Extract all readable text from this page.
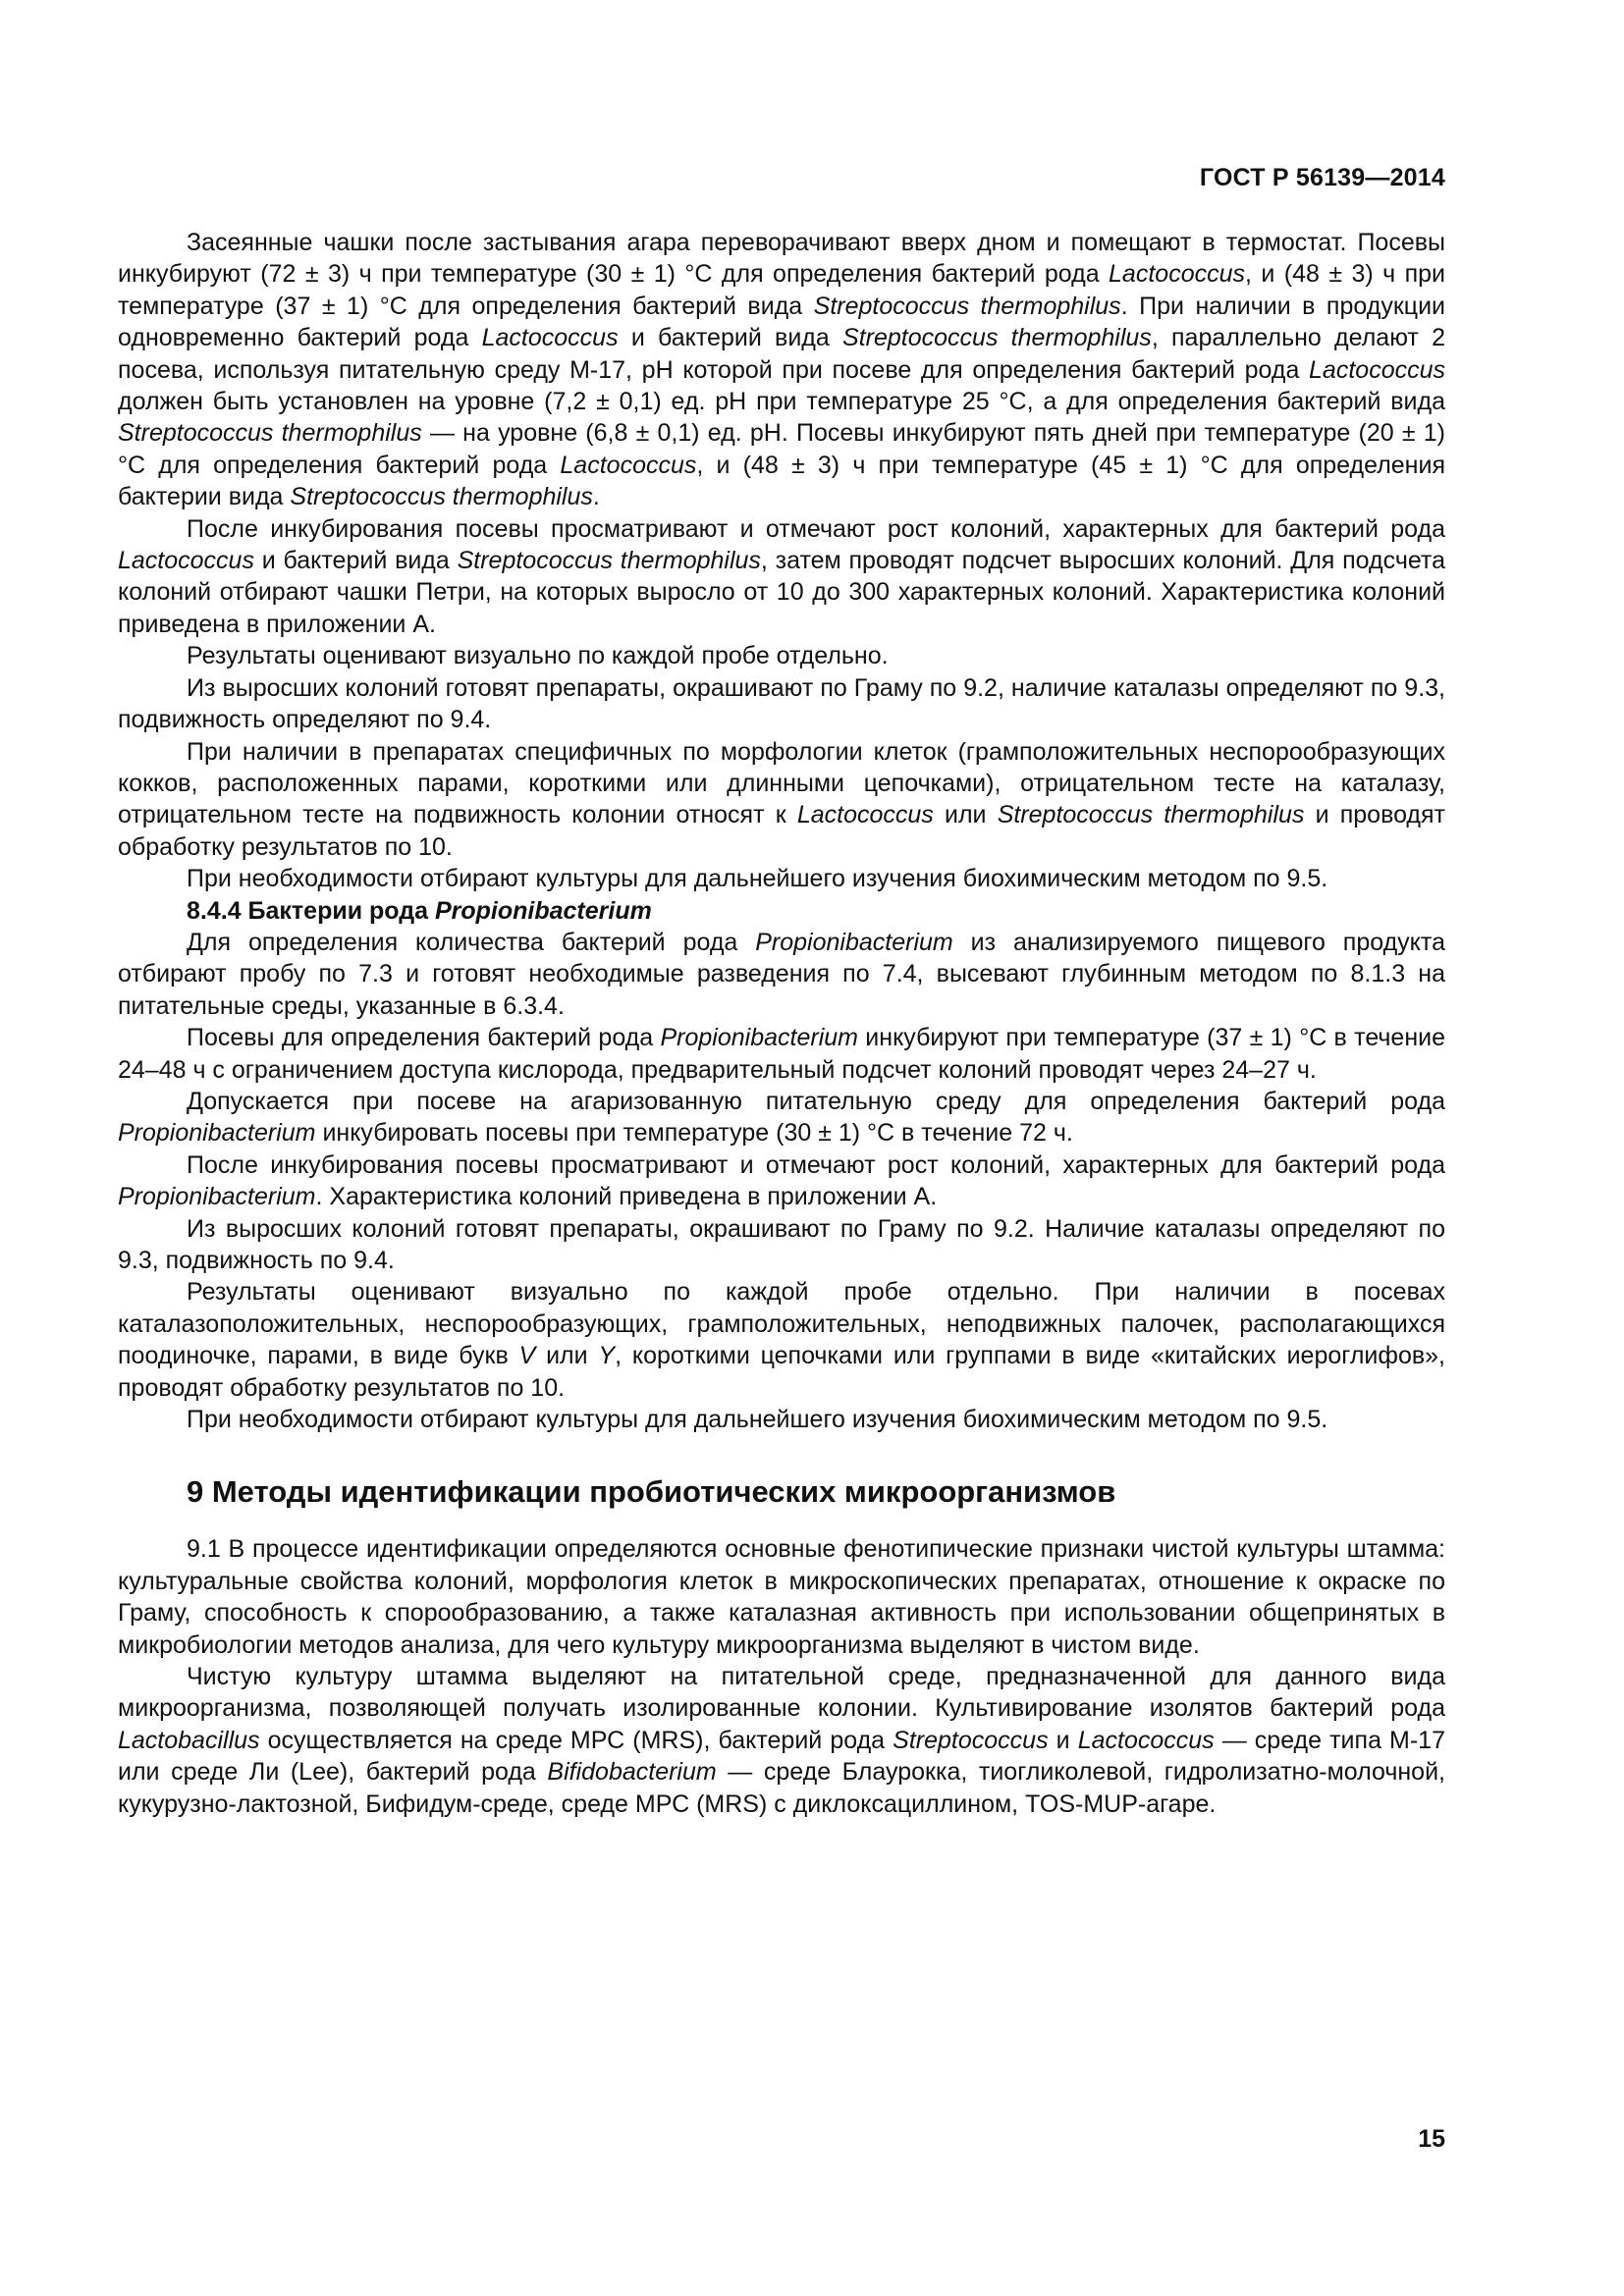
ГОСТ Р 56139—2014

Засеянные чашки после застывания агара переворачивают вверх дном и помещают в термостат. Посевы инкубируют (72 ± 3) ч при температуре (30 ± 1) °С для определения бактерий рода Lactococcus, и (48 ± 3) ч при температуре (37 ± 1) °С для определения бактерий вида Streptococcus thermophilus. При наличии в продукции одновременно бактерий рода Lactococcus и бактерий вида Streptococcus thermophilus, параллельно делают 2 посева, используя питательную среду М-17, pH которой при посеве для определения бактерий рода Lactococcus должен быть установлен на уровне (7,2 ± 0,1) ед. pH при температуре 25 °С, а для определения бактерий вида Streptococcus thermophilus — на уровне (6,8 ± 0,1) ед. pH. Посевы инкубируют пять дней при температуре (20 ± 1) °С для определения бактерий рода Lactococcus, и (48 ± 3) ч при температуре (45 ± 1) °С для определения бактерии вида Streptococcus thermophilus.

После инкубирования посевы просматривают и отмечают рост колоний, характерных для бактерий рода Lactococcus и бактерий вида Streptococcus thermophilus, затем проводят подсчет выросших колоний. Для подсчета колоний отбирают чашки Петри, на которых выросло от 10 до 300 характерных колоний. Характеристика колоний приведена в приложении А.

Результаты оценивают визуально по каждой пробе отдельно.

Из выросших колоний готовят препараты, окрашивают по Граму по 9.2, наличие каталазы определяют по 9.3, подвижность определяют по 9.4.

При наличии в препаратах специфичных по морфологии клеток (грамположительных неспорообразующих кокков, расположенных парами, короткими или длинными цепочками), отрицательном тесте на каталазу, отрицательном тесте на подвижность колонии относят к Lactococcus или Streptococcus thermophilus и проводят обработку результатов по 10.

При необходимости отбирают культуры для дальнейшего изучения биохимическим методом по 9.5.

8.4.4 Бактерии рода Propionibacterium

Для определения количества бактерий рода Propionibacterium из анализируемого пищевого продукта отбирают пробу по 7.3 и готовят необходимые разведения по 7.4, высевают глубинным методом по 8.1.3 на питательные среды, указанные в 6.3.4.

Посевы для определения бактерий рода Propionibacterium инкубируют при температуре (37 ± 1) °С в течение 24–48 ч с ограничением доступа кислорода, предварительный подсчет колоний проводят через 24–27 ч.

Допускается при посеве на агаризованную питательную среду для определения бактерий рода Propionibacterium инкубировать посевы при температуре (30 ± 1) °С в течение 72 ч.

После инкубирования посевы просматривают и отмечают рост колоний, характерных для бактерий рода Propionibacterium. Характеристика колоний приведена в приложении А.

Из выросших колоний готовят препараты, окрашивают по Граму по 9.2. Наличие каталазы определяют по 9.3, подвижность по 9.4.

Результаты оценивают визуально по каждой пробе отдельно. При наличии в посевах каталазоположительных, неспорообразующих, грамположительных, неподвижных палочек, располагающихся поодиночке, парами, в виде букв V или Y, короткими цепочками или группами в виде «китайских иероглифов», проводят обработку результатов по 10.

При необходимости отбирают культуры для дальнейшего изучения биохимическим методом по 9.5.

9 Методы идентификации пробиотических микроорганизмов

9.1 В процессе идентификации определяются основные фенотипические признаки чистой культуры штамма: культуральные свойства колоний, морфология клеток в микроскопических препаратах, отношение к окраске по Граму, способность к спорообразованию, а также каталазная активность при использовании общепринятых в микробиологии методов анализа, для чего культуру микроорганизма выделяют в чистом виде.

Чистую культуру штамма выделяют на питательной среде, предназначенной для данного вида микроорганизма, позволяющей получать изолированные колонии. Культивирование изолятов бактерий рода Lactobacillus осуществляется на среде МРС (MRS), бактерий рода Streptococcus и Lactococcus — среде типа М-17 или среде Ли (Lee), бактерий рода Bifidobacterium — среде Блаурокка, тиогликолевой, гидролизатно-молочной, кукурузно-лактозной, Бифидум-среде, среде МРС (MRS) с диклоксациллином, TOS-MUP-агаре.

15
